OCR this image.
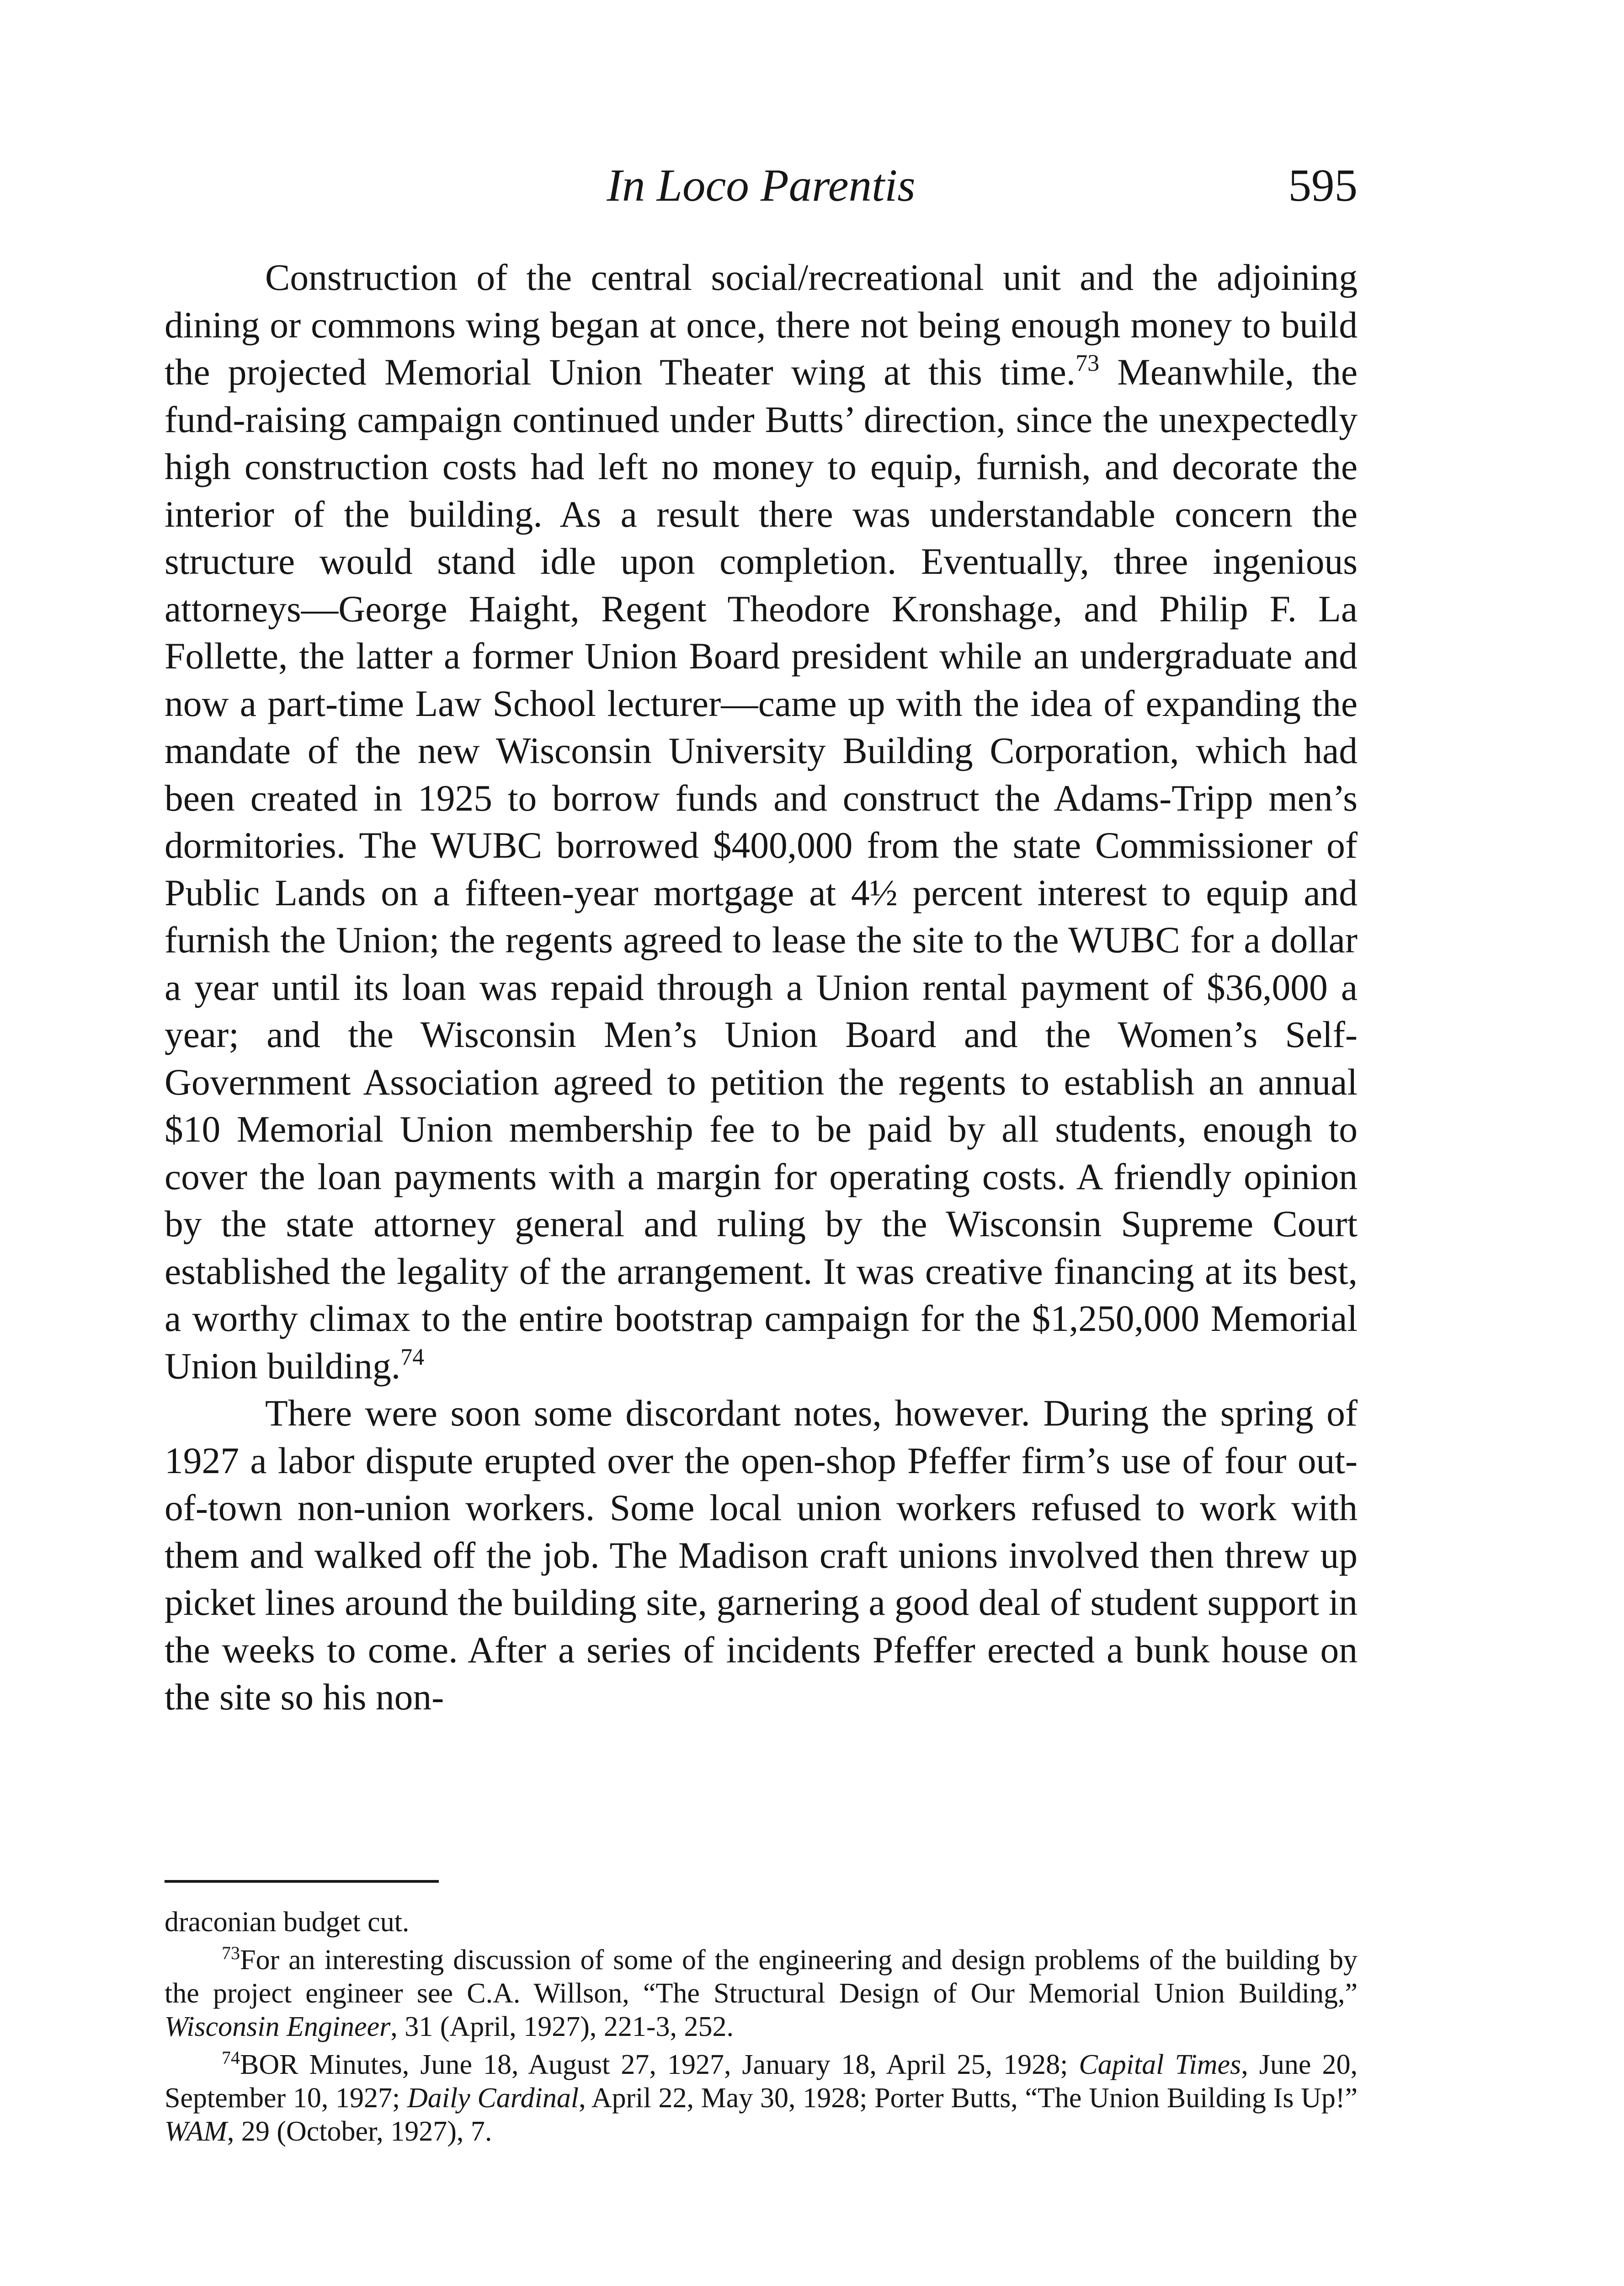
In Loco Parentis	595

Construction of the central social/recreational unit and the adjoining dining or commons wing began at once, there not being enough money to build the projected Memorial Union Theater wing at this time.$^{73}$ Meanwhile, the fund-raising campaign continued under Butts’ direction, since the unexpectedly high construction costs had left no money to equip, furnish, and decorate the interior of the building. As a result there was understandable concern the structure would stand idle upon completion. Eventually, three ingenious attorneys—George Haight, Regent Theodore Kronshage, and Philip F. La Follette, the latter a former Union Board president while an undergraduate and now a part-time Law School lecturer—came up with the idea of expanding the mandate of the new Wisconsin University Building Corporation, which had been created in 1925 to borrow funds and construct the Adams-Tripp men’s dormitories. The WUBC borrowed $400,000 from the state Commissioner of Public Lands on a fifteen-year mortgage at 4½ percent interest to equip and furnish the Union; the regents agreed to lease the site to the WUBC for a dollar a year until its loan was repaid through a Union rental payment of $36,000 a year; and the Wisconsin Men’s Union Board and the Women’s Self-Government Association agreed to petition the regents to establish an annual $10 Memorial Union membership fee to be paid by all students, enough to cover the loan payments with a margin for operating costs. A friendly opinion by the state attorney general and ruling by the Wisconsin Supreme Court established the legality of the arrangement. It was creative financing at its best, a worthy climax to the entire bootstrap campaign for the $1,250,000 Memorial Union building.$^{74}$

There were soon some discordant notes, however. During the spring of 1927 a labor dispute erupted over the open-shop Pfeffer firm’s use of four out-of-town non-union workers. Some local union workers refused to work with them and walked off the job. The Madison craft unions involved then threw up picket lines around the building site, garnering a good deal of student support in the weeks to come. After a series of incidents Pfeffer erected a bunk house on the site so his non-

draconian budget cut.

$^{73}$For an interesting discussion of some of the engineering and design problems of the building by the project engineer see C.A. Willson, “The Structural Design of Our Memorial Union Building,” Wisconsin Engineer, 31 (April, 1927), 221-3, 252.

$^{74}$BOR Minutes, June 18, August 27, 1927, January 18, April 25, 1928; Capital Times, June 20, September 10, 1927; Daily Cardinal, April 22, May 30, 1928; Porter Butts, “The Union Building Is Up!” WAM, 29 (October, 1927), 7.
